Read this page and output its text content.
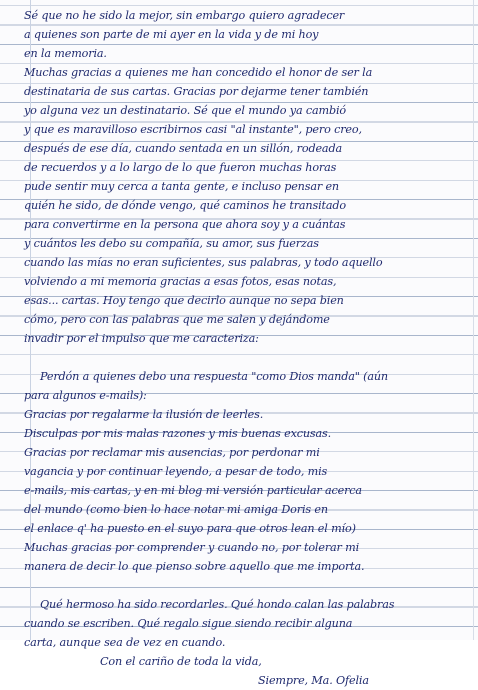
Sé que no he sido la mejor, sin embargo quiero agradecer
a quienes son parte de mi ayer en la vida y de mi hoy
en la memoria.
Muchas gracias a quienes me han concedido el honor de ser la
destinataria de sus cartas. Gracias por dejarme tener también
yo alguna vez un destinatario. Sé que el mundo ya cambió
y que es maravilloso escribirnos casi "al instante", pero creo,
después de ese día, cuando sentada en un sillón, rodeada
de recuerdos y a lo largo de lo que fueron muchas horas
pude sentir muy cerca a tanta gente, e incluso pensar en
quién he sido, de dónde vengo, qué caminos he transitado
para convertirme en la persona que ahora soy y a cuántas
y cuántos les debo su compañía, su amor, sus fuerzas
cuando las mías no eran suficientes, sus palabras, y todo aquello
volviendo a mi memoria gracias a esas fotos, esas notas,
esas... cartas. Hoy tengo que decirlo aunque no sepa bien
cómo, pero con las palabras que me salen y dejándome
invadir por el impulso que me caracteriza:
Perdón a quienes debo una respuesta "como Dios manda" (aún
para algunos e-mails):
Gracias por regalarme la ilusión de leerles.
Disculpas por mis malas razones y mis buenas excusas.
Gracias por reclamar mis ausencias, por perdonar mi
vagancia y por continuar leyendo, a pesar de todo, mis
e-mails, mis cartas, y en mi blog mi versión particular acerca
del mundo (como bien lo hace notar mi amiga Doris en
el enlace q' ha puesto en el suyo para que otros lean el mío)
Muchas gracias por comprender y cuando no, por tolerar mi
manera de decir lo que pienso sobre aquello que me importa.
Qué hermoso ha sido recordarles. Qué hondo calan las palabras
cuando se escriben. Qué regalo sigue siendo recibir alguna
carta, aunque sea de vez en cuando.
Con el cariño de toda la vida,
Siempre, Ma. Ofelia
